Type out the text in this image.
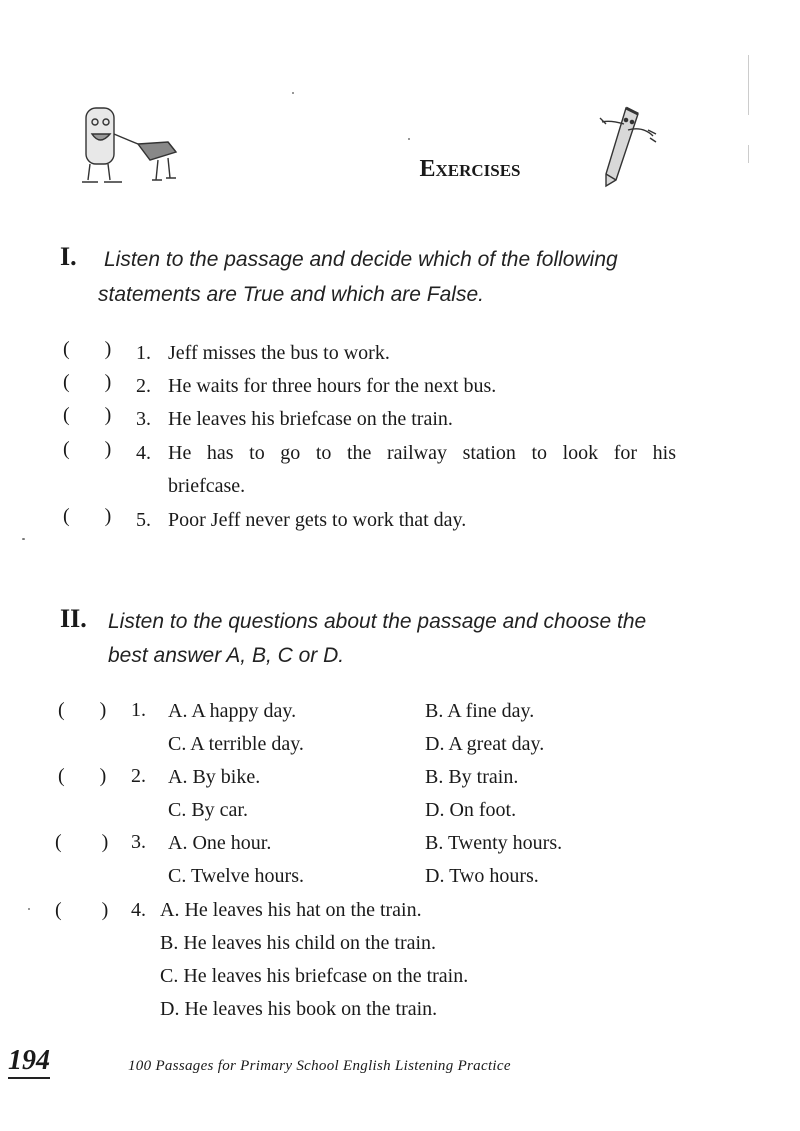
Exercises
I. Listen to the passage and decide which of the following
statements are True and which are False.
(       ) 1. Jeff misses the bus to work.
(       ) 2. He waits for three hours for the next bus.
(       ) 3. He leaves his briefcase on the train.
(       ) 4. He has to go to the railway station to look for his
briefcase.
(       ) 5. Poor Jeff never gets to work that day.
II. Listen to the questions about the passage and choose the
best answer A, B, C or D.
(       ) 1. A. A happy day.	B. A fine day.
C. A terrible day.	D. A great day.
(       ) 2. A. By bike.	B. By train.
C. By car.	D. On foot.
(        ) 3. A. One hour.	B. Twenty hours.
C. Twelve hours.	D. Two hours.
(        ) 4. A. He leaves his hat on the train.
B. He leaves his child on the train.
C. He leaves his briefcase on the train.
D. He leaves his book on the train.
194	100 Passages for Primary School English Listening Practice
